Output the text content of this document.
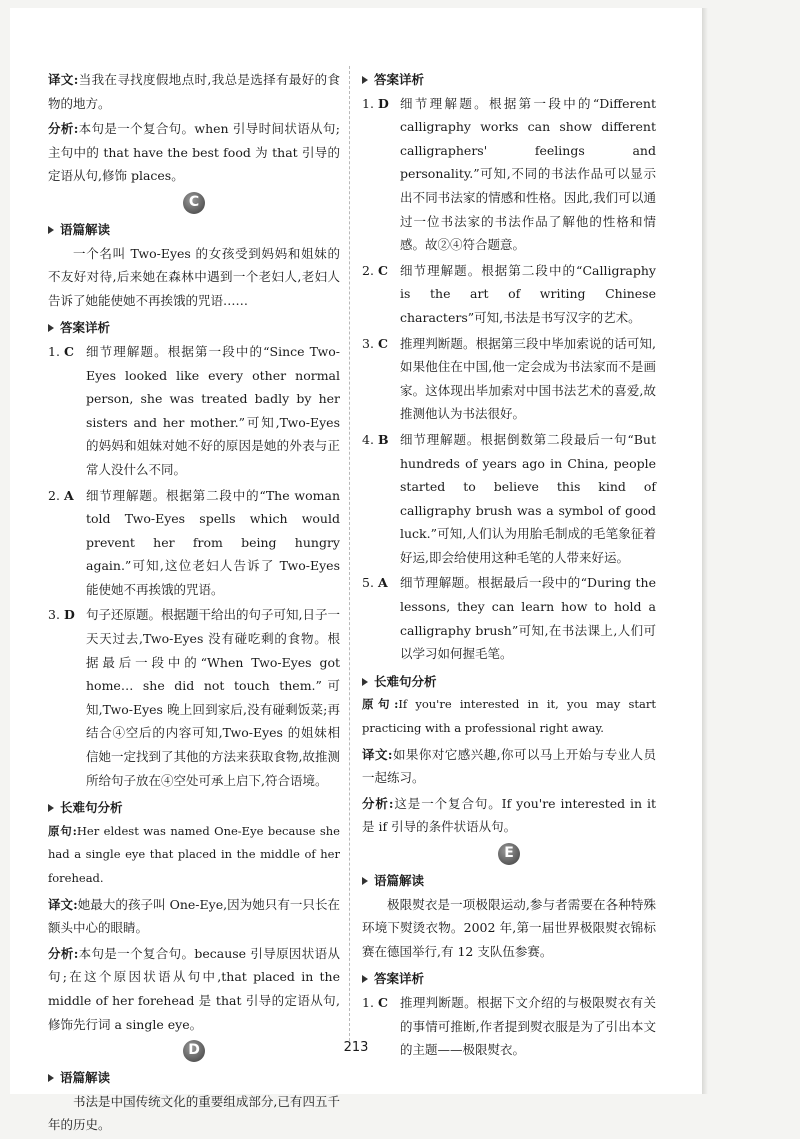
译文:当我在寻找度假地点时,我总是选择有最好的食物的地方。

分析:本句是一个复合句。when 引导时间状语从句;主句中的 that have the best food 为 that 引导的定语从句,修饰 places。

C
语篇解读

一个名叫 Two-Eyes 的女孩受到妈妈和姐妹的不友好对待,后来她在森林中遇到一个老妇人,老妇人告诉了她能使她不再挨饿的咒语……

答案详析
1. C 细节理解题。根据第一段中的“Since Two-Eyes looked like every other normal person, she was treated badly by her sisters and her mother.”可知,Two-Eyes 的妈妈和姐妹对她不好的原因是她的外表与正常人没什么不同。
2. A 细节理解题。根据第二段中的“The woman told Two-Eyes spells which would prevent her from being hungry again.”可知,这位老妇人告诉了 Two-Eyes 能使她不再挨饿的咒语。
3. D 句子还原题。根据题干给出的句子可知,日子一天天过去,Two-Eyes 没有碰吃剩的食物。根据最后一段中的“When Two-Eyes got home… she did not touch them.”可知,Two-Eyes 晚上回到家后,没有碰剩饭菜;再结合④空后的内容可知,Two-Eyes 的姐妹相信她一定找到了其他的方法来获取食物,故推测所给句子放在④空处可承上启下,符合语境。
长难句分析

原句:Her eldest was named One-Eye because she had a single eye that placed in the middle of her forehead.

译文:她最大的孩子叫 One-Eye,因为她只有一只长在额头中心的眼睛。

分析:本句是一个复合句。because 引导原因状语从句;在这个原因状语从句中,that placed in the middle of her forehead 是 that 引导的定语从句,修饰先行词 a single eye。

D
语篇解读

书法是中国传统文化的重要组成部分,已有四五千年的历史。

答案详析
1. D 细节理解题。根据第一段中的“Different calligraphy works can show different calligraphers' feelings and personality.”可知,不同的书法作品可以显示出不同书法家的情感和性格。因此,我们可以通过一位书法家的书法作品了解他的性格和情感。故②④符合题意。
2. C 细节理解题。根据第二段中的“Calligraphy is the art of writing Chinese characters”可知,书法是书写汉字的艺术。
3. C 推理判断题。根据第三段中毕加索说的话可知,如果他住在中国,他一定会成为书法家而不是画家。这体现出毕加索对中国书法艺术的喜爱,故推测他认为书法很好。
4. B 细节理解题。根据倒数第二段最后一句“But hundreds of years ago in China, people started to believe this kind of calligraphy brush was a symbol of good luck.”可知,人们认为用胎毛制成的毛笔象征着好运,即会给使用这种毛笔的人带来好运。
5. A 细节理解题。根据最后一段中的“During the lessons, they can learn how to hold a calligraphy brush”可知,在书法课上,人们可以学习如何握毛笔。
长难句分析

原句:If you're interested in it, you may start practicing with a professional right away.

译文:如果你对它感兴趣,你可以马上开始与专业人员一起练习。

分析:这是一个复合句。If you're interested in it 是 if 引导的条件状语从句。

E
语篇解读

极限熨衣是一项极限运动,参与者需要在各种特殊环境下熨烫衣物。2002 年,第一届世界极限熨衣锦标赛在德国举行,有 12 支队伍参赛。

答案详析
1. C 推理判断题。根据下文介绍的与极限熨衣有关的事情可推断,作者提到熨衣服是为了引出本文的主题——极限熨衣。
213
